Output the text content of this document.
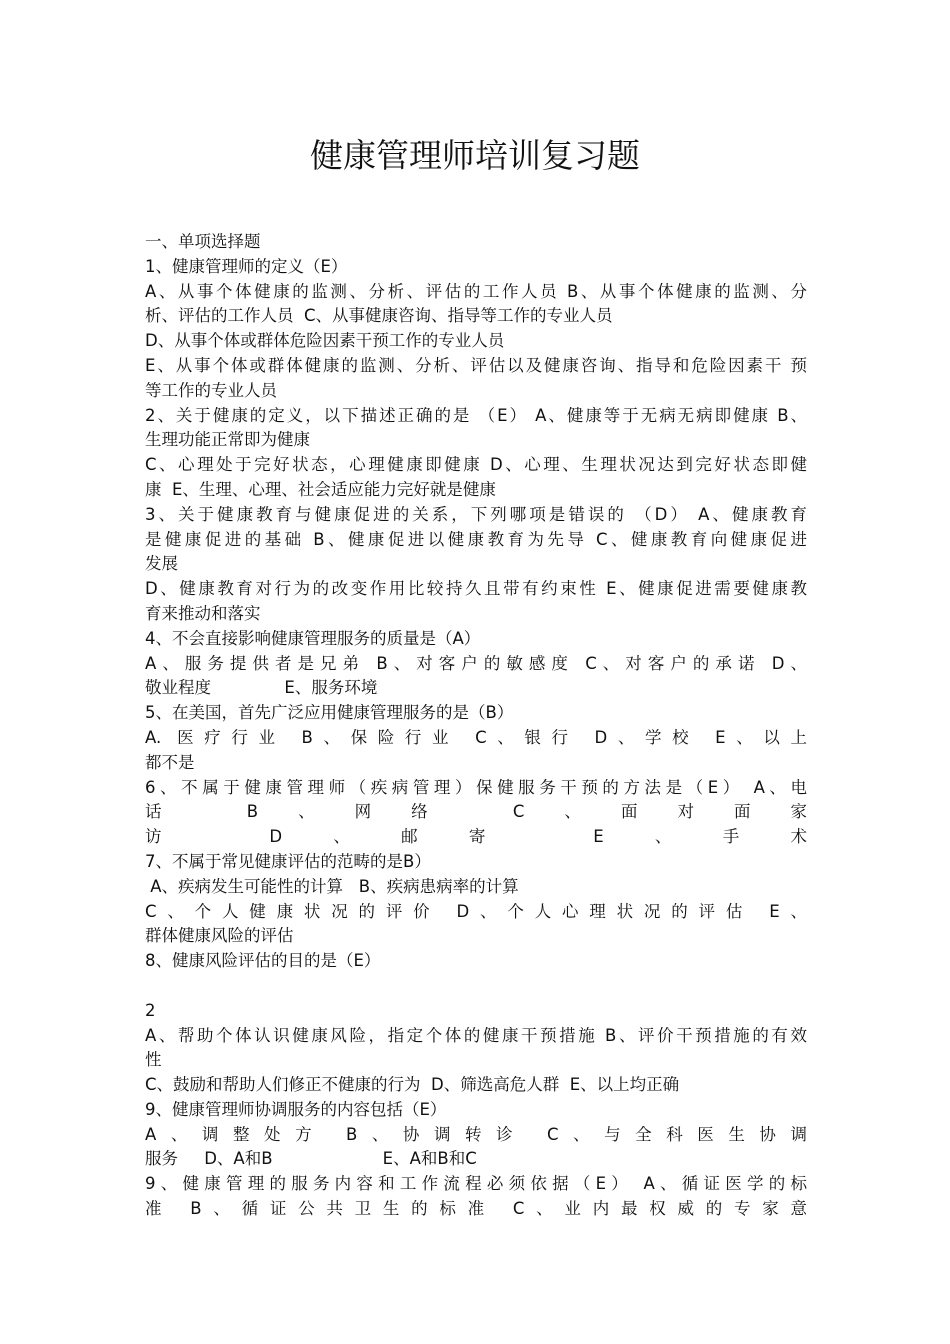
健康管理师培训复习题
一、单项选择题
1、健康管理师的定义（E）
A、从事个体健康的监测、分析、评估的工作人员 B、从事个体健康的监测、分
析、评估的工作人员  C、从事健康咨询、指导等工作的专业人员
D、从事个体或群体危险因素干预工作的专业人员
E、从事个体或群体健康的监测、分析、评估以及健康咨询、指导和危险因素干 预
等工作的专业人员
2、关于健康的定义，以下描述正确的是 （E） A、健康等于无病无病即健康 B、
生理功能正常即为健康
C、心理处于完好状态，心理健康即健康 D、心理、生理状况达到完好状态即健
康  E、生理、心理、社会适应能力完好就是健康
3、关于健康教育与健康促进的关系，下列哪项是错误的 （D） A、健康教育
是健康促进的基础 B、健康促进以健康教育为先导 C、健康教育向健康促进
发展
D、健康教育对行为的改变作用比较持久且带有约束性 E、健康促进需要健康教
育来推动和落实
4、不会直接影响健康管理服务的质量是（A）
A、服务提供者是兄弟 B、对客户的敏感度 C、对客户的承诺 D、
敬业程度              E、服务环境
5、在美国，首先广泛应用健康管理服务的是（B）
A. 医疗行业 B、保险行业 C、银行 D、学校 E、以上
都不是
6、不属于健康管理师（疾病管理）保健服务干预的方法是（E） A、电
话 B、网络 C、面对面家
访 D、邮寄 E、手术
7、不属于常见健康评估的范畴的是B）
A、疾病发生可能性的计算   B、疾病患病率的计算
C、个人健康状况的评价 D、个人心理状况的评估 E、
群体健康风险的评估
8、健康风险评估的目的是（E）
2
A、帮助个体认识健康风险，指定个体的健康干预措施 B、评价干预措施的有效
性
C、鼓励和帮助人们修正不健康的行为  D、筛选高危人群  E、以上均正确
9、健康管理师协调服务的内容包括（E）
A、调整处方 B、协调转诊 C、与全科医生协调
服务     D、A和B                     E、A和B和C
9、健康管理的服务内容和工作流程必须依据（E） A、循证医学的标
准 B、循证公共卫生的标准 C、业内最权威的专家意
